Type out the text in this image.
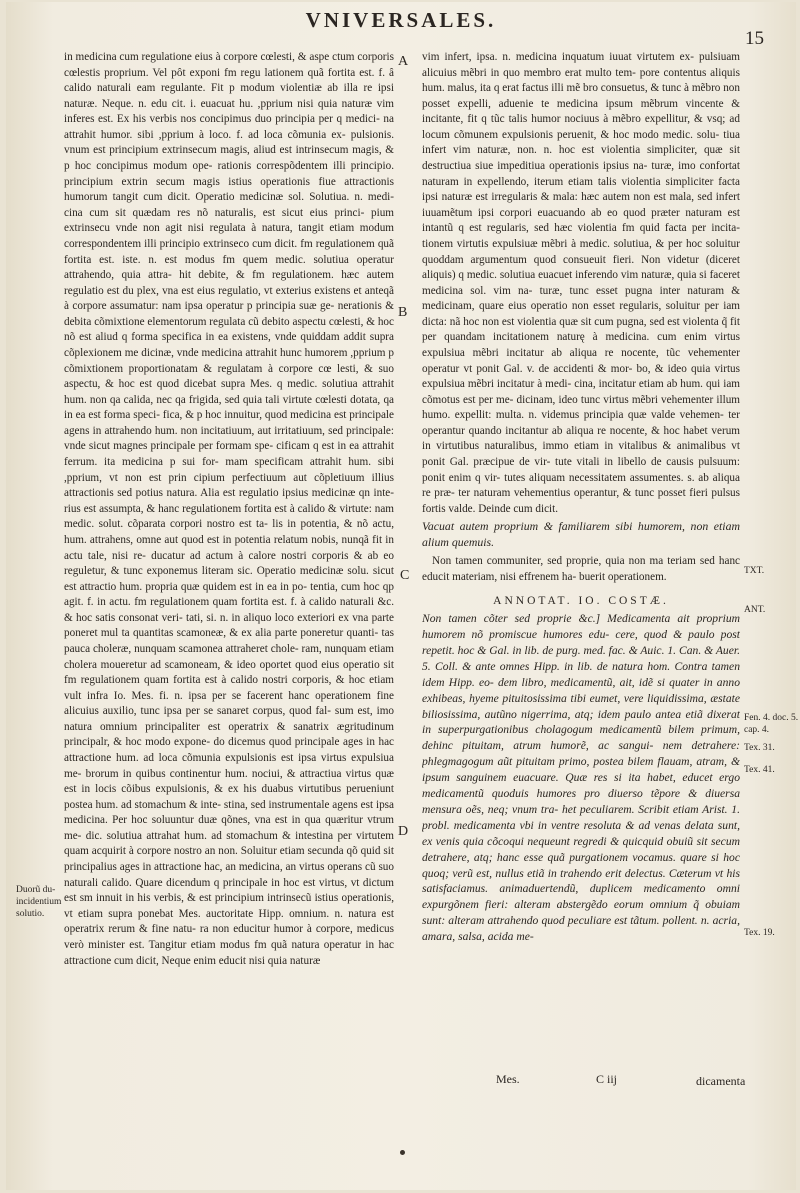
VNIVERSALES.
15

in medicina cum regulatione eius à corpore cœlesti, & aspe ctum corporis cœlestis proprium. Vel pôt exponi fm regu lationem quã fortita est. f. â calido naturali eam regulante. Fit p modum violentiæ ab illa re ipsi naturæ. Neque. n. edu cit. i. euacuat hu. ,pprium nisi quia naturæ vim inferes est. Ex his verbis nos concipimus duo principia per q medici- na attrahit humor. sibi ,pprium à loco. f. ad loca cõmunia ex- pulsionis. vnum est principium extrinsecum magis, aliud est intrinsecum magis, & p hoc concipimus modum ope- rationis correspõdentem illi principio. principium extrin secum magis istius operationis fiue attractionis humorum tangit cum dicit. Operatio medicinæ sol. Solutiua. n. medi- cina cum sit quædam res nõ naturalis, est sicut eius princi- pium extrinsecu vnde non agit nisi regulata à natura, tangit etiam modum correspondentem illi principio extrinseco cum dicit. fm regulationem quã fortita est. iste. n. est modus fm quem medic. solutiua operatur attrahendo, quia attra- hit debite, & fm regulationem. hæc autem regulatio est du plex, vna est eius regulatio, vt exterius existens et anteqã à corpore assumatur: nam ipsa operatur p principia suæ ge- nerationis & debita cõmixtione elementorum regulata cũ debito aspectu cœlesti, & hoc nõ est aliud q forma specifica in ea existens, vnde quiddam addit supra cõplexionem me dicinæ, vnde medicina attrahit hunc humorem ,pprium p cõmixtionem proportionatam & regulatam à corpore cœ lesti, & suo aspectu, & hoc est quod dicebat supra Mes. q medic. solutiua attrahit hum. non qa calida, nec qa frigida, sed quia tali virtute cœlesti dotata, qa in ea est forma speci- fica, & p hoc innuitur, quod medicina est principale agens in attrahendo hum. non incitatiuum, aut irritatiuum, sed principale: vnde sicut magnes principale per formam spe- cificam q est in ea attrahit ferrum. ita medicina p sui for- mam specificam attrahit hum. sibi ,pprium, vt non est prin cipium perfectiuum aut cõpletiuum illius attractionis sed potius natura. Alia est regulatio ipsius medicinæ qn inte- rius est assumpta, & hanc regulationem fortita est à calido & virtute: nam medic. solut. cõparata corpori nostro est ta- lis in potentia, & nõ actu, hum. attrahens, omne aut quod est in potentia relatum nobis, nunqã fit in actu tale, nisi re- ducatur ad actum à calore nostri corporis & ab eo reguletur, & tunc exponemus literam sic. Operatio medicinæ solu. sicut est attractio hum. propria quæ quidem est in ea in po- tentia, cum hoc qp agit. f. in actu. fm regulationem quam fortita est. f. à calido naturali &c. & hoc satis consonat veri- tati, si. n. in aliquo loco exteriori ex vna parte poneret mul ta quantitas scamoneæ, & ex alia parte poneretur quanti- tas pauca choleræ, nunquam scamonea attraheret chole- ram, nunquam etiam cholera moueretur ad scamoneam, & ideo oportet quod eius operatio sit fm regulationem quam fortita est à calido nostri corporis, & hoc etiam vult infra Io. Mes. fi. n. ipsa per se facerent hanc operationem fine alicuius auxilio, tunc ipsa per se sanaret corpus, quod fal- sum est, imo natura omnium principaliter est operatrix & sanatrix ægritudinum principalr, & hoc modo expone- do dicemus quod principale ages in hac attractione hum. ad loca cõmunia expulsionis est ipsa virtus expulsiua me- brorum in quibus continentur hum. nociui, & attractiua virtus quæ est in locis cõibus expulsionis, & ex his duabus virtutibus perueniunt postea hum. ad stomachum & inte- stina, sed instrumentale agens est ipsa medicina. Per hoc soluuntur duæ qõnes, vna est in qua quæritur vtrum me- dic. solutiua attrahat hum. ad stomachum & intestina per virtutem quam acquirit à corpore nostro an non. Soluitur etiam secunda qõ quid sit principalius ages in attractione hac, an medicina, an virtus operans cũ suo naturali calido. Quare dicendum q principale in hoc est virtus, vt dictum est sm innuit in his verbis, & est principium intrinsecũ istius operationis, vt etiam supra ponebat Mes. auctoritate Hipp. omnium. n. natura est operatrix rerum & fine natu- ra non educitur humor à corpore, medicus verò minister est. Tangitur etiam modus fm quã natura operatur in hac attractione cum dicit, Neque enim educit nisi quia naturæ

vim infert, ipsa. n. medicina inquatum iuuat virtutem ex- pulsiuam alicuius mẽbri in quo membro erat multo tem- pore contentus aliquis hum. malus, ita q erat factus illi mẽ bro consuetus, & tunc à mẽbro non posset expelli, aduenie te medicina ipsum mẽbrum vincente & incitante, fit q tũc talis humor nociuus à mẽbro expellitur, & vsq; ad locum cõmunem expulsionis peruenit, & hoc modo medic. solu- tiua infert vim naturæ, non. n. hoc est violentia simpliciter, quæ sit destructiua siue impeditiua operationis ipsius na- turæ, imo confortat naturam in expellendo, iterum etiam talis violentia simpliciter facta ipsi naturæ est irregularis & mala: hæc autem non est mala, sed infert iuuamẽtum ipsi corpori euacuando ab eo quod præter naturam est intantũ q est regularis, sed hæc violentia fm quid facta per incita- tionem virtutis expulsiuæ mẽbri à medic. solutiua, & per hoc soluitur quoddam argumentum quod consueuit fieri. Non videtur (diceret aliquis) q medic. solutiua euacuet inferendo vim naturæ, quia si faceret medicina sol. vim na- turæ, tunc esset pugna inter naturam & medicinam, quare eius operatio non esset regularis, soluitur per iam dicta: nã hoc non est violentia quæ sit cum pugna, sed est violenta q̃ fit per quandam incitationem naturę à medicina. cum enim virtus expulsiua mẽbri incitatur ab aliqua re nocente, tũc vehementer operatur vt ponit Gal. v. de accidenti & mor- bo, & ideo quia virtus expulsiua mẽbri incitatur à medi- cina, incitatur etiam ab hum. qui iam cõmotus est per me- dicinam, ideo tunc virtus mẽbri vehementer illum humo. expellit: multa. n. videmus principia quæ valde vehemen- ter operantur quando incitantur ab aliqua re nocente, & hoc habet verum in virtutibus naturalibus, immo etiam in vitalibus & animalibus vt ponit Gal. præcipue de vir- tute vitali in libello de causis pulsuum: ponit enim q vir- tutes aliquam necessitatem assumentes. s. ab aliqua re præ- ter naturam vehementius operantur, & tunc posset fieri pulsus fortis valde. Deinde cum dicit.

Vacuat autem proprium & familiarem sibi humorem, non etiam alium quemuis.

Non tamen communiter, sed proprie, quia non ma teriam sed hanc educit materiam, nisi effrenem ha- buerit operationem.

ANNOTAT. IO. COSTÆ.

Non tamen cõter sed proprie &c.] Medicamenta ait proprium humorem nõ promiscue humores edu- cere, quod & paulo post repetit. hoc & Gal. in lib. de purg. med. fac. & Auic. 1. Can. & Auer. 5. Coll. & ante omnes Hipp. in lib. de natura hom. Contra tamen idem Hipp. eo- dem libro, medicamentũ, ait, idẽ si quater in anno exhibeas, hyeme pituitosissima tibi eumet, vere liquidissima, æstate biliosissima, autũno nigerrima, atq; idem paulo antea etiã dixerat in superpurgationibus cholagogum medicamentũ bilem primum, dehinc pituitam, atrum humorẽ, ac sangui- nem detrahere: phlegmagogum aũt pituitam primo, postea bilem flauam, atram, & ipsum sanguinem euacuare. Quæ res si ita habet, educet ergo medicamentũ quoduis humores pro diuerso tẽpore & diuersa mensura oẽs, neq; vnum tra- het peculiarem. Scribit etiam Arist. 1. probl. medicamenta vbi in ventre resoluta & ad venas delata sunt, ex venis quia cõcoqui nequeunt regredi & quicquid obuiũ sit secum detrahere, atq; hanc esse quã purgationem vocamus. quare si hoc quoq; verũ est, nullus etiã in trahendo erit delectus. Cæterum vt his satisfaciamus. animaduertendũ, duplicem medicamento omni expurgõnem fieri: alteram abstergẽdo eorum omnium q̃ obuiam sunt: alteram attrahendo quod peculiare est tãtum. pollent. n. acria, amara, salsa, acida me-

A
B
C
D
TXT.
ANT.
Fen. 4. doc. 5. cap. 4.
Tex. 31.
Tex. 41.
Tex. 19.
Duorũ du- incidentium solutio.
Mes.	C iij	dicamenta
